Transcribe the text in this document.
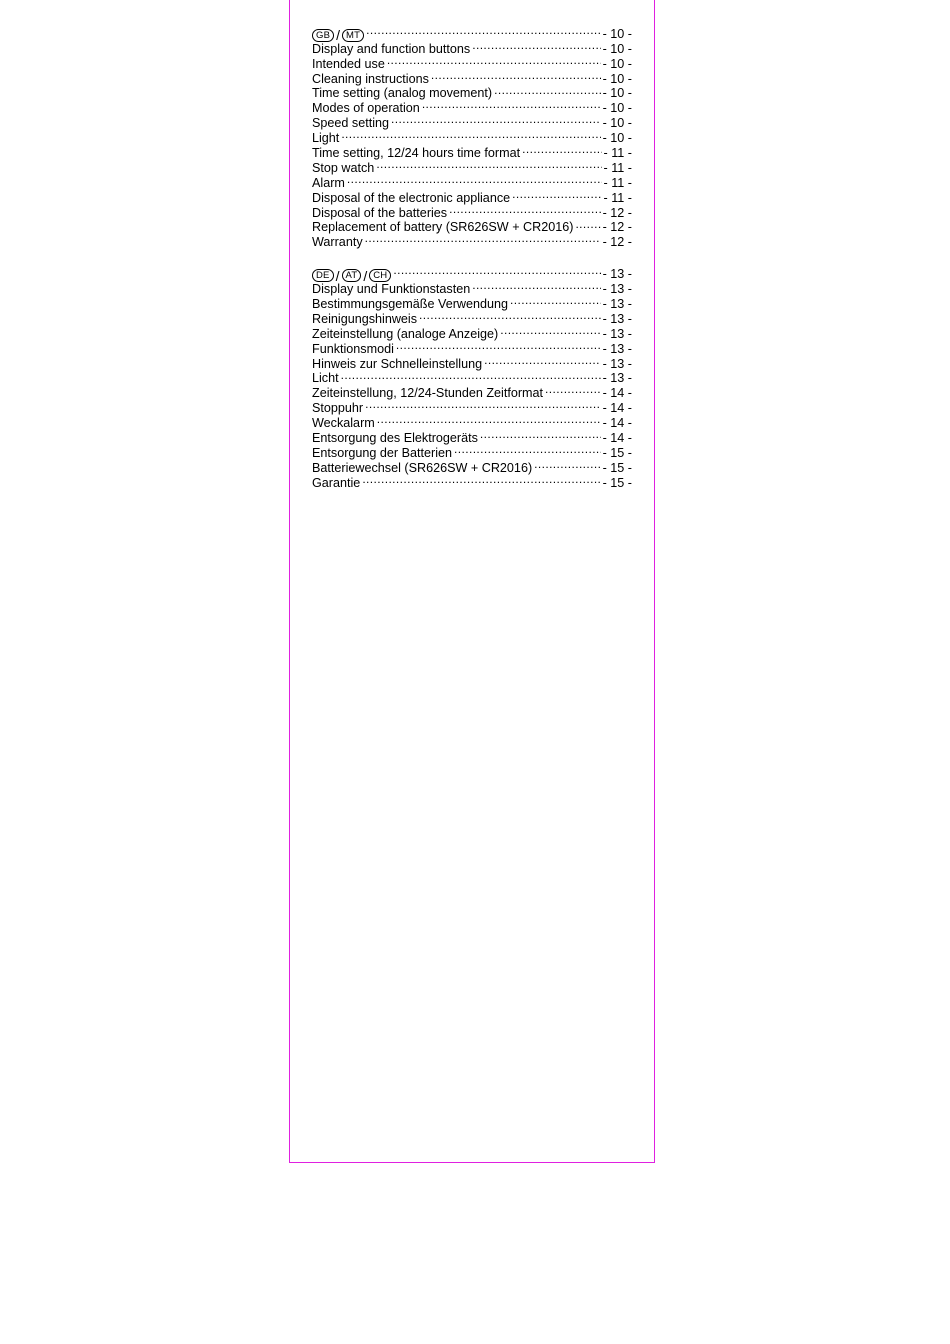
GB / MT .....	- 10 -
Display and function buttons .....	- 10 -
Intended use .....	- 10 -
Cleaning instructions .....	- 10 -
Time setting (analog movement) .....	- 10 -
Modes of operation .....	- 10 -
Speed setting .....	- 10 -
Light .....	- 10 -
Time setting, 12/24 hours time format .....	- 11 -
Stop watch .....	- 11 -
Alarm .....	- 11 -
Disposal of the electronic appliance .....	- 11 -
Disposal of the batteries .....	- 12 -
Replacement of battery (SR626SW + CR2016) ..... - 12 -
Warranty .....	- 12 -
DE / AT / CH .....	- 13 -
Display und Funktionstasten .....	- 13 -
Bestimmungsgemäße Verwendung .....	- 13 -
Reinigungshinweis .....	- 13 -
Zeiteinstellung (analoge Anzeige) .....	- 13 -
Funktionsmodi .....	- 13 -
Hinweis zur Schnelleinstellung .....	- 13 -
Licht .....	- 13 -
Zeiteinstellung, 12/24-Stunden Zeitformat .....	- 14 -
Stoppuhr .....	- 14 -
Weckalarm .....	- 14 -
Entsorgung des Elektrogeräts .....	- 14 -
Entsorgung der Batterien .....	- 15 -
Batteriewechsel (SR626SW + CR2016) .....	- 15 -
Garantie .....	- 15 -
